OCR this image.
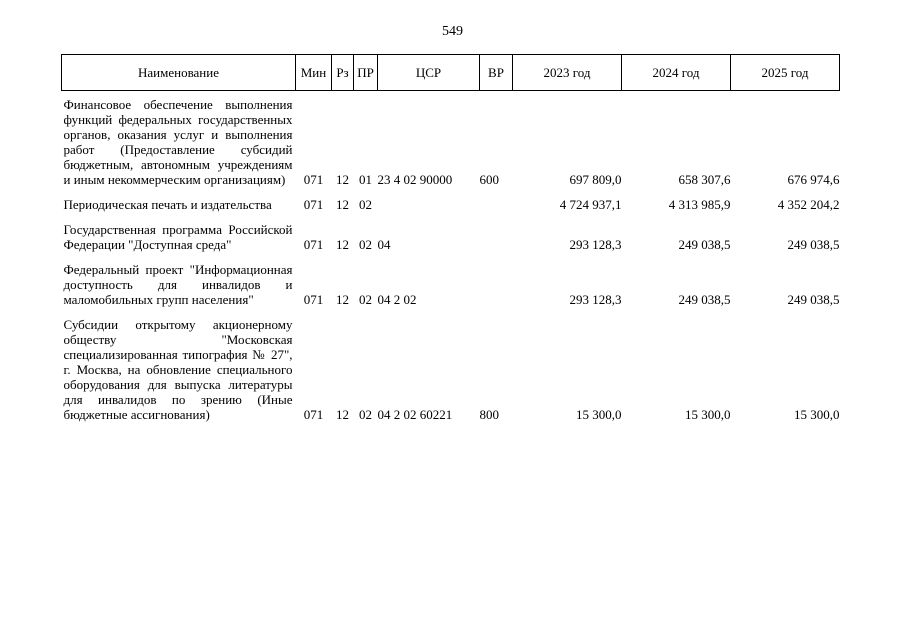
549
Наименование	Мин	Рз	ПР	ЦСР	ВР	2023 год	2024 год	2025 год

Финансовое обеспечение выполнения функций федеральных государственных органов, оказания услуг и выполнения работ (Предоставление субсидий бюджетным, автономным учреждениям и иным некоммерческим организациям)	071	12	01	23 4 02 90000	600	697 809,0	658 307,6	676 974,6

Периодическая печать и издательства	071	12	02			4 724 937,1	4 313 985,9	4 352 204,2

Государственная программа Российской Федерации "Доступная среда"	071	12	02	04		293 128,3	249 038,5	249 038,5

Федеральный проект "Информационная доступность для инвалидов и маломобильных групп населения"	071	12	02	04 2 02		293 128,3	249 038,5	249 038,5

Субсидии открытому акционерному обществу "Московская специализированная типография № 27", г. Москва, на обновление специального оборудования для выпуска литературы для инвалидов по зрению (Иные бюджетные ассигнования)	071	12	02	04 2 02 60221	800	15 300,0	15 300,0	15 300,0
